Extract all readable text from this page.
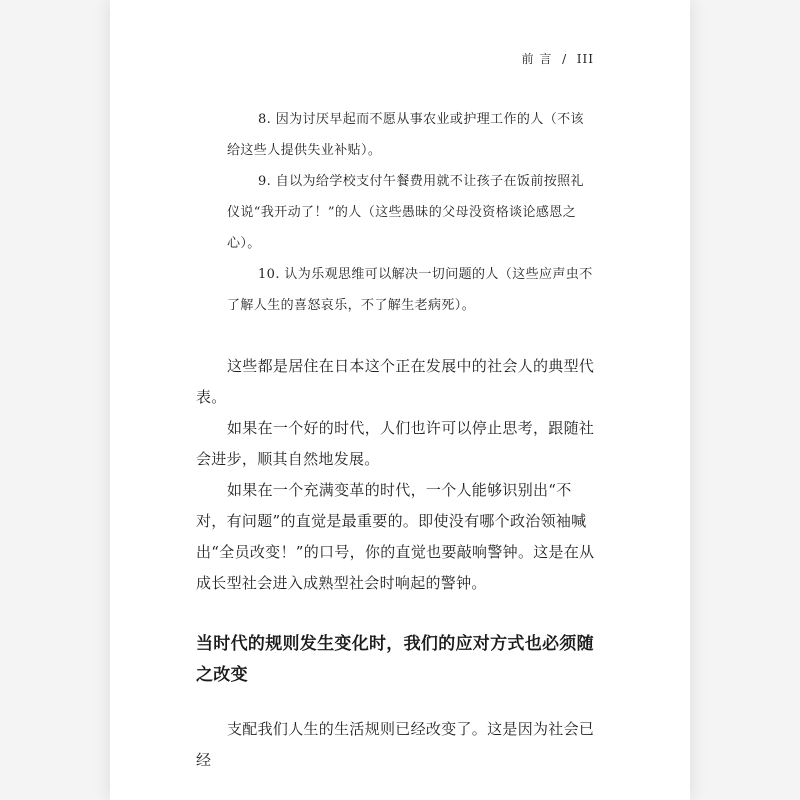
前 言  /  III

8. 因为讨厌早起而不愿从事农业或护理工作的人（不该给这些人提供失业补贴）。

9. 自以为给学校支付午餐费用就不让孩子在饭前按照礼仪说“我开动了！”的人（这些愚昧的父母没资格谈论感恩之心）。

10. 认为乐观思维可以解决一切问题的人（这些应声虫不了解人生的喜怒哀乐，不了解生老病死）。

这些都是居住在日本这个正在发展中的社会人的典型代表。

如果在一个好的时代，人们也许可以停止思考，跟随社会进步，顺其自然地发展。

如果在一个充满变革的时代，一个人能够识别出“不对，有问题”的直觉是最重要的。即使没有哪个政治领袖喊出“全员改变！”的口号，你的直觉也要敲响警钟。这是在从成长型社会进入成熟型社会时响起的警钟。

当时代的规则发生变化时，我们的应对方式也必须随之改变

支配我们人生的生活规则已经改变了。这是因为社会已经
